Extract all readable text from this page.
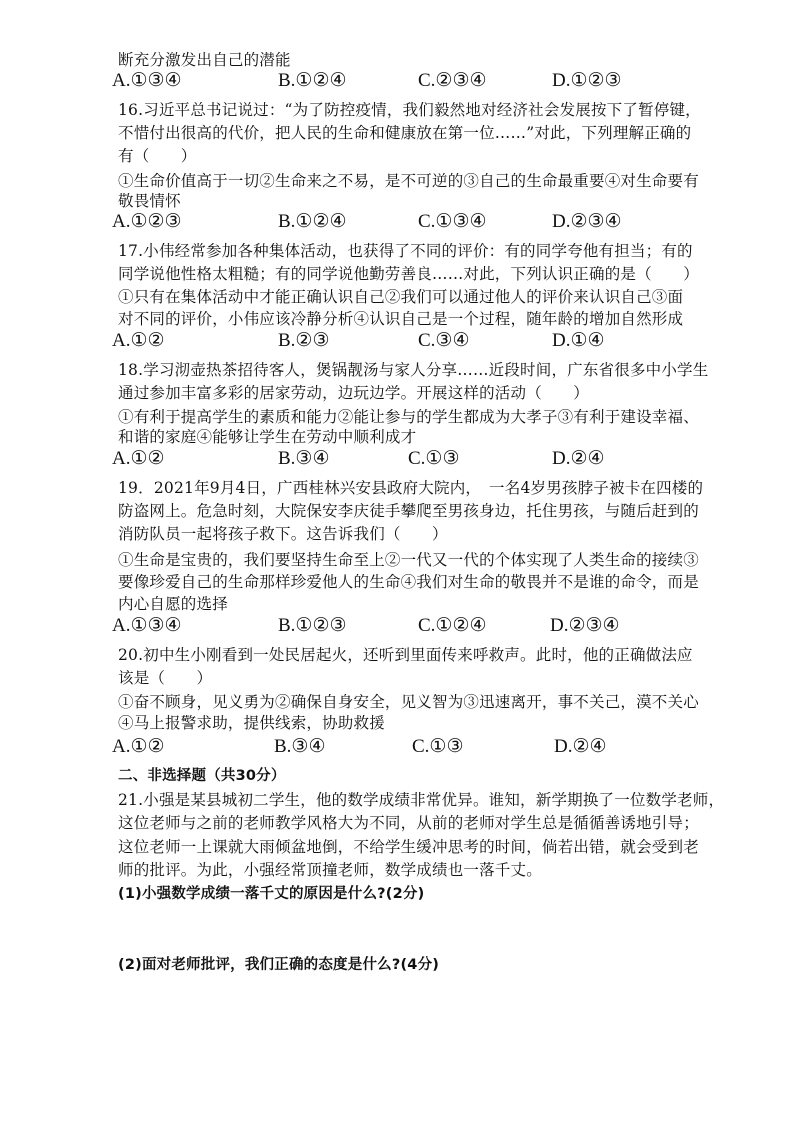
断充分激发出自己的潜能
A.①③④	B.①②④	C.②③④	D.①②③
16.习近平总书记说过：“为了防控疫情，我们毅然地对经济社会发展按下了暂停键，
不惜付出很高的代价，把人民的生命和健康放在第一位……”对此，下列理解正确的
有（　　）
①生命价值高于一切②生命来之不易，是不可逆的③自己的生命最重要④对生命要有
敬畏情怀
A.①②③	B.①②④	C.①③④	D.②③④
17.小伟经常参加各种集体活动，也获得了不同的评价：有的同学夸他有担当；有的
同学说他性格太粗糙；有的同学说他勤劳善良……对此，下列认识正确的是（　　）
①只有在集体活动中才能正确认识自己②我们可以通过他人的评价来认识自己③面
对不同的评价，小伟应该冷静分析④认识自己是一个过程，随年龄的增加自然形成
A.①②	B.②③	C.③④	D.①④
18.学习沏壶热茶招待客人，煲锅靓汤与家人分享……近段时间，广东省很多中小学生
通过参加丰富多彩的居家劳动，边玩边学。开展这样的活动（　　）
①有利于提高学生的素质和能力②能让参与的学生都成为大孝子③有利于建设幸福、
和谐的家庭④能够让学生在劳动中顺利成才
A.①②	B.③④	C.①③	D.②④
19．2021年9月4日，广西桂林兴安县政府大院内，　一名4岁男孩脖子被卡在四楼的
防盗网上。危急时刻，大院保安李庆徒手攀爬至男孩身边，托住男孩，与随后赶到的
消防队员一起将孩子救下。这告诉我们（　　）
①生命是宝贵的，我们要坚持生命至上②一代又一代的个体实现了人类生命的接续③
要像珍爱自己的生命那样珍爱他人的生命④我们对生命的敬畏并不是谁的命令，而是
内心自愿的选择
A.①③④	B.①②③	C.①②④	D.②③④
20.初中生小刚看到一处民居起火，还听到里面传来呼救声。此时，他的正确做法应
该是（　　）
①奋不顾身，见义勇为②确保自身安全，见义智为③迅速离开，事不关己，漠不关心
④马上报警求助，提供线索，协助救援
A.①②	B.③④	C.①③	D.②④
二、非选择题（共30分）
21.小强是某县城初二学生，他的数学成绩非常优异。谁知，新学期换了一位数学老师，
这位老师与之前的老师教学风格大为不同，从前的老师对学生总是循循善诱地引导；
这位老师一上课就大雨倾盆地倒，不给学生缓冲思考的时间，倘若出错，就会受到老
师的批评。为此，小强经常顶撞老师，数学成绩也一落千丈。
(1)小强数学成绩一落千丈的原因是什么?(2分)
(2)面对老师批评，我们正确的态度是什么?(4分)
